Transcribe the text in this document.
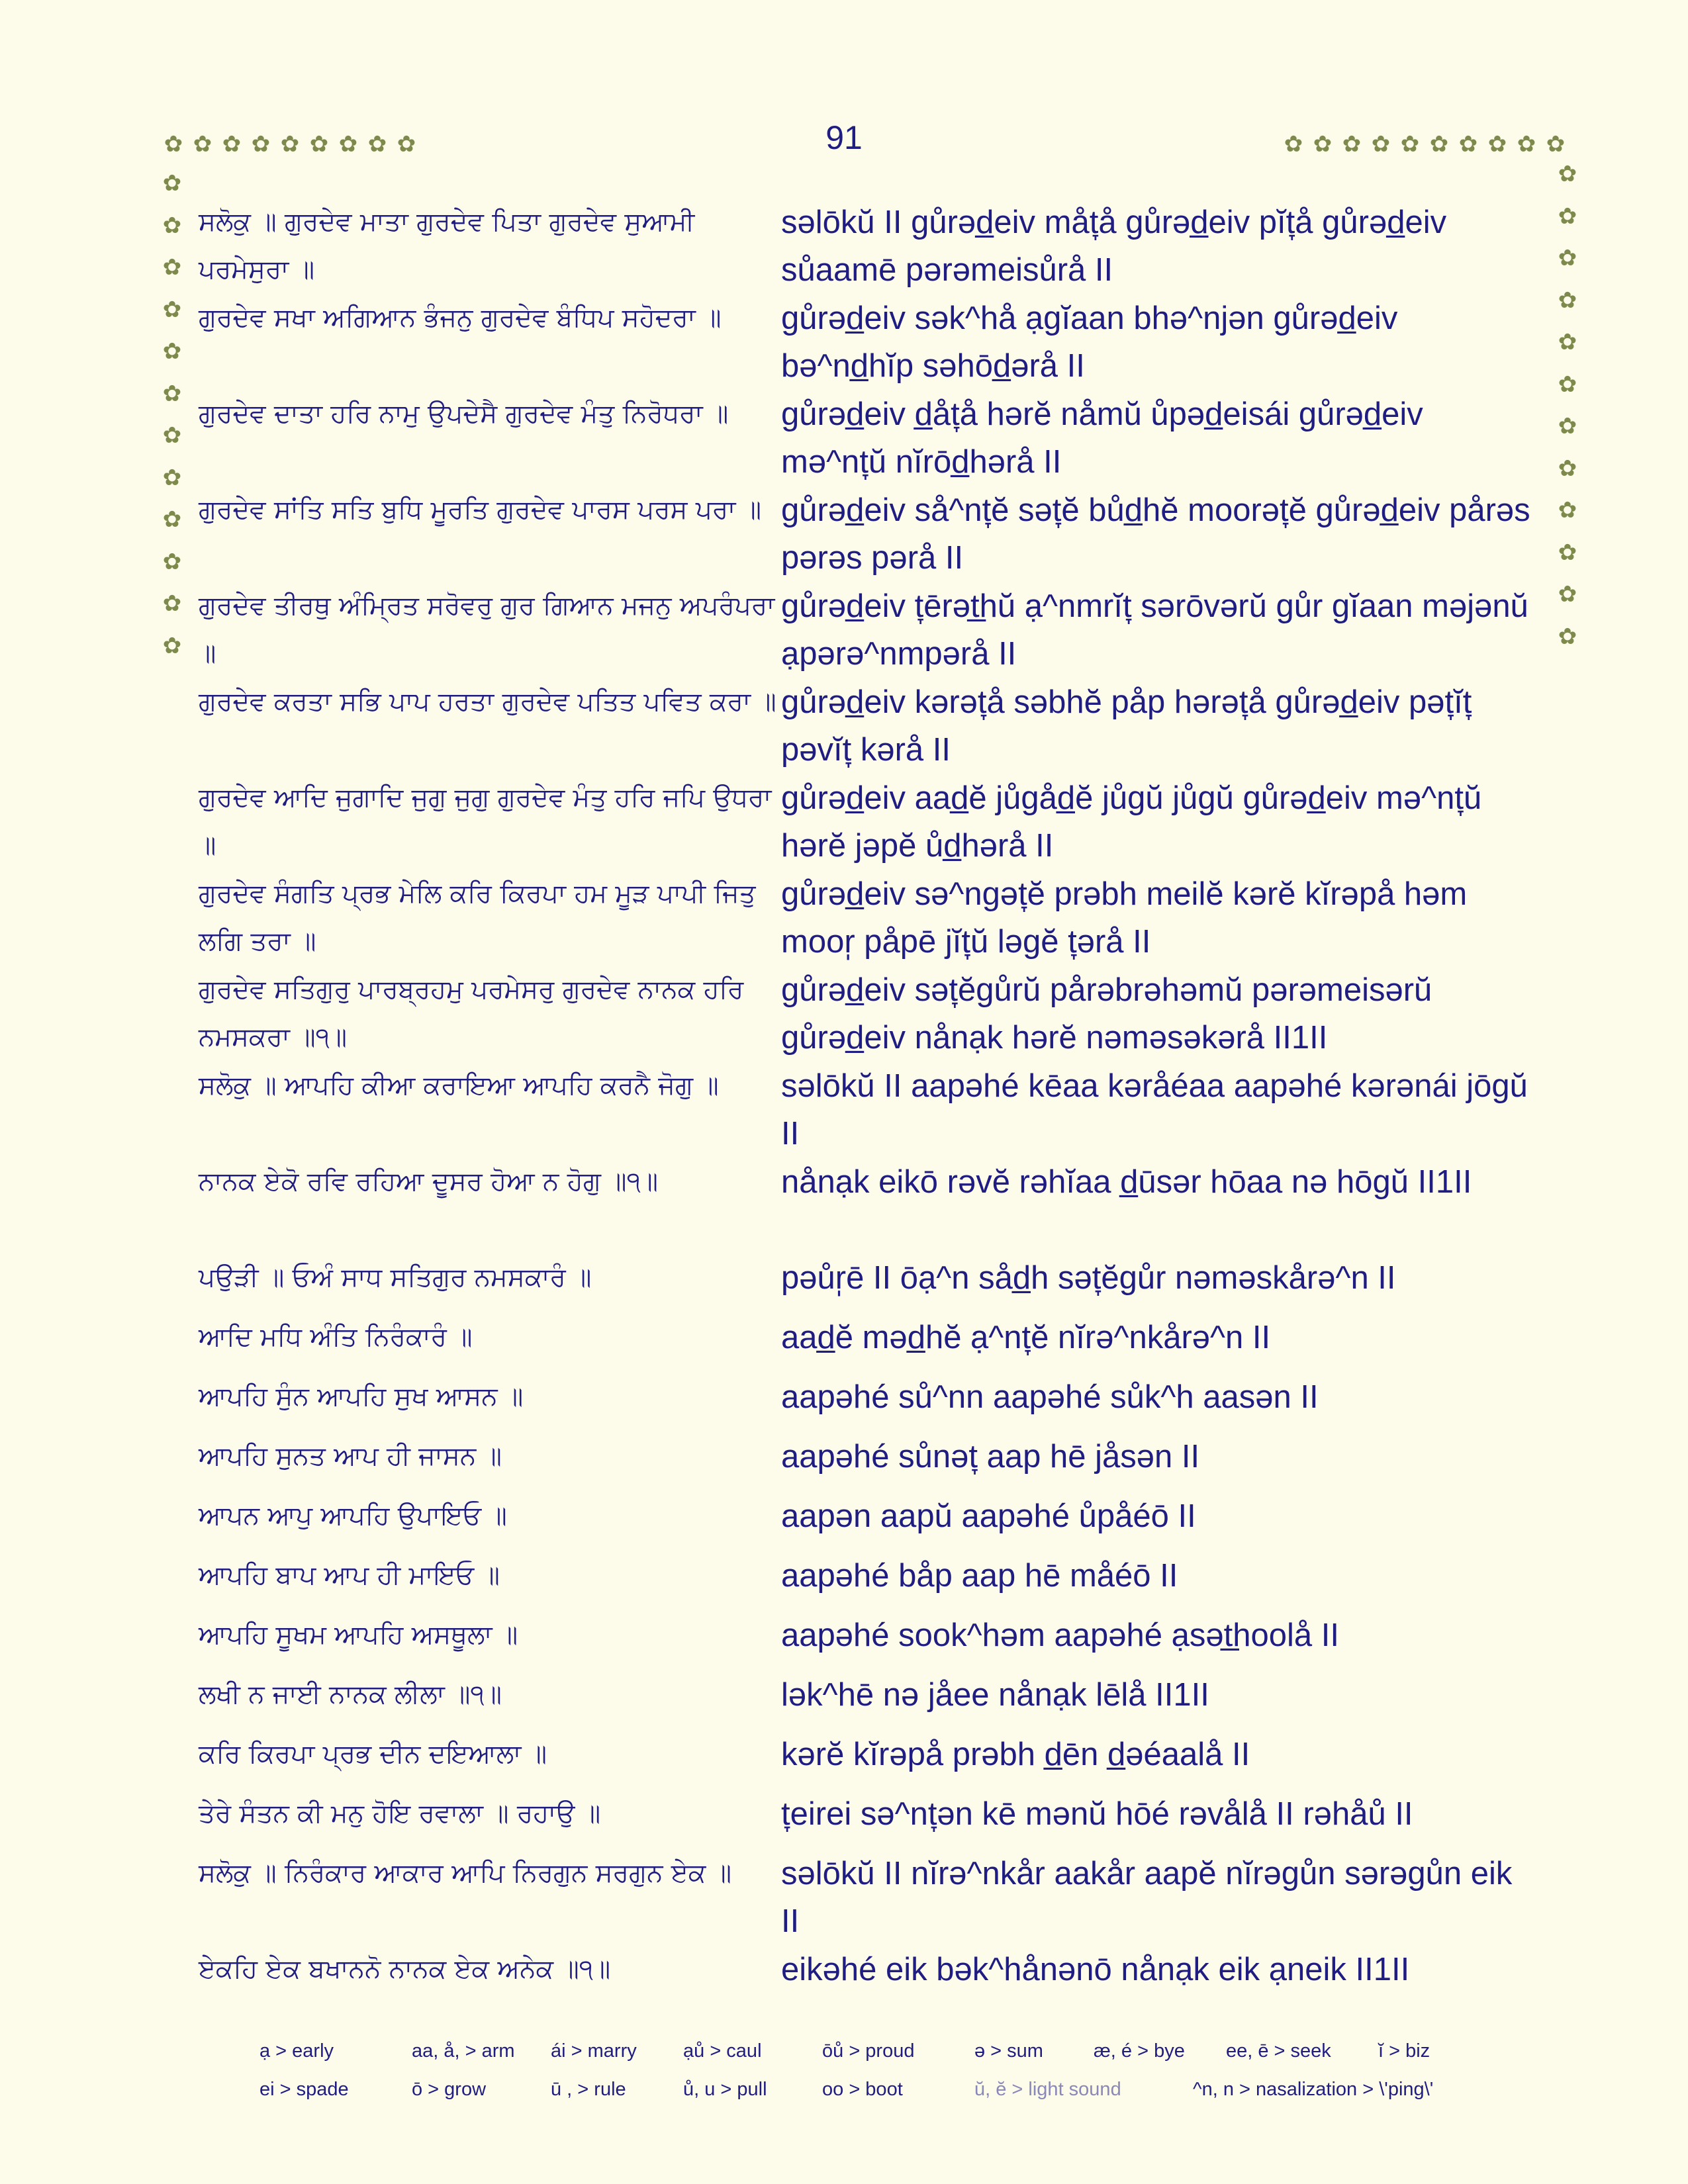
91
✿ ✿ ✿ ✿ ✿ ✿ ✿ ✿ ✿	✿ ✿ ✿ ✿ ✿ ✿ ✿ ✿ ✿ ✿
✿
✿
✿
✿
✿
✿
✿
✿
✿
✿
✿
✿
✿
✿
✿
✿
✿
✿
✿
✿
✿
✿
✿
✿
ਸਲੋਕੁ ॥ ਗੁਰਦੇਵ ਮਾਤਾ ਗੁਰਦੇਵ ਪਿਤਾ ਗੁਰਦੇਵ ਸੁਆਮੀ ਪਰਮੇਸੁਰਾ ॥
səlōkŭ II gůrəd̲eiv måt̞å gůrəd̲eiv pĭt̞å gůrəd̲eiv sůaamē pərəmeisůrå II
ਗੁਰਦੇਵ ਸਖਾ ਅਗਿਆਨ ਭੰਜਨੁ ਗੁਰਦੇਵ ਬੰਧਿਪ ਸਹੋਦਰਾ ॥	gůrəd̲eiv sək^hå ạgĭaan bhə^njən gůrəd̲eiv bə^nd̲hĭp səhōd̲ərå II
ਗੁਰਦੇਵ ਦਾਤਾ ਹਰਿ ਨਾਮੁ ਉਪਦੇਸੈ ਗੁਰਦੇਵ ਮੰਤੁ ਨਿਰੋਧਰਾ ॥	gůrəd̲eiv d̲åt̞å hərĕ nåmŭ ůpəd̲eisái gůrəd̲eiv mə^nt̞ŭ nĭrōd̲hərå II
ਗੁਰਦੇਵ ਸਾਂਤਿ ਸਤਿ ਬੁਧਿ ਮੂਰਤਿ ਗੁਰਦੇਵ ਪਾਰਸ ਪਰਸ ਪਰਾ ॥ gůrəd̲eiv så^nt̞ĕ sət̞ĕ bůd̲hĕ moorət̞ĕ gůrəd̲eiv pårəs pərəs pərå II
ਗੁਰਦੇਵ ਤੀਰਥੁ ਅੰਮ੍ਰਿਤ ਸਰੋਵਰੁ ਗੁਰ ਗਿਆਨ ਮਜਨੁ ਅਪਰੰਪਰਾ ॥
gůrəd̲eiv t̞ērət̲hŭ ạ^nmrĭt̞ sərōvərŭ gůr gĭaan məjənŭ ạpərə^nmpərå II
ਗੁਰਦੇਵ ਕਰਤਾ ਸਭਿ ਪਾਪ ਹਰਤਾ ਗੁਰਦੇਵ ਪਤਿਤ ਪਵਿਤ ਕਰਾ ॥ gůrəd̲eiv kərət̞å səbhĕ påp hərət̞å gůrəd̲eiv pət̞ĭt̞ pəvĭt̞ kərå II
ਗੁਰਦੇਵ ਆਦਿ ਜੁਗਾਦਿ ਜੁਗੁ ਜੁਗੁ ਗੁਰਦੇਵ ਮੰਤੁ ਹਰਿ ਜਪਿ ਉਧਰਾ ॥
gůrəd̲eiv aad̲ĕ jůgåd̲ĕ jůgŭ jůgŭ gůrəd̲eiv mə^nt̞ŭ hərĕ jəpĕ ůd̲hərå II
ਗੁਰਦੇਵ ਸੰਗਤਿ ਪ੍ਰਭ ਮੇਲਿ ਕਰਿ ਕਿਰਪਾ ਹਮ ਮੂੜ ਪਾਪੀ ਜਿਤੁ ਲਗਿ ਤਰਾ ॥
gůrəd̲eiv sə^ngət̞ĕ prəbh meilĕ kərĕ kĭrəpå həm moor̩ påpē jĭt̞ŭ ləgĕ t̞ərå II
ਗੁਰਦੇਵ ਸਤਿਗੁਰੁ ਪਾਰਬ੍ਰਹਮੁ ਪਰਮੇਸਰੁ ਗੁਰਦੇਵ ਨਾਨਕ ਹਰਿ ਨਮਸਕਰਾ ॥੧॥
gůrəd̲eiv sət̞ĕgůrŭ pårəbrəhəmŭ pərəmeisərŭ gůrəd̲eiv nånạk hərĕ nəməsəkərå II1II
ਸਲੋਕੁ ॥ ਆਪਹਿ ਕੀਆ ਕਰਾਇਆ ਆਪਹਿ ਕਰਨੈ ਜੋਗੁ ॥	səlōkŭ II aapəhé kēaa kəråéaa aapəhé kərənái jōgŭ II
ਨਾਨਕ ਏਕੋ ਰਵਿ ਰਹਿਆ ਦੂਸਰ ਹੋਆ ਨ ਹੋਗੁ ॥੧॥	nånạk eikō rəvĕ rəhĭaa d̲ūsər hōaa nə hōgŭ II1II
ਪਉੜੀ ॥ ਓਅੰ ਸਾਧ ਸਤਿਗੁਰ ਨਮਸਕਾਰੰ ॥	pəůr̩ē II ōạ^n såd̲h sət̞ĕgůr nəməskårə^n II
ਆਦਿ ਮਧਿ ਅੰਤਿ ਨਿਰੰਕਾਰੰ ॥	aad̲ĕ məd̲hĕ ạ^nt̞ĕ nĭrə^nkårə^n II
ਆਪਹਿ ਸੁੰਨ ਆਪਹਿ ਸੁਖ ਆਸਨ ॥	aapəhé sů^nn aapəhé sůk^h aasən II
ਆਪਹਿ ਸੁਨਤ ਆਪ ਹੀ ਜਾਸਨ ॥	aapəhé sůnət̞ aap hē jåsən II
ਆਪਨ ਆਪੁ ਆਪਹਿ ਉਪਾਇਓ ॥	aapən aapŭ aapəhé ůpåéō II
ਆਪਹਿ ਬਾਪ ਆਪ ਹੀ ਮਾਇਓ ॥	aapəhé båp aap hē måéō II
ਆਪਹਿ ਸੂਖਮ ਆਪਹਿ ਅਸਥੂਲਾ ॥	aapəhé sook^həm aapəhé ạsət̲hoolå II
ਲਖੀ ਨ ਜਾਈ ਨਾਨਕ ਲੀਲਾ ॥੧॥	lək^hē nə jåee nånạk lēlå II1II
ਕਰਿ ਕਿਰਪਾ ਪ੍ਰਭ ਦੀਨ ਦਇਆਲਾ ॥	kərĕ kĭrəpå prəbh d̲ēn d̲əéaalå II
ਤੇਰੇ ਸੰਤਨ ਕੀ ਮਨੁ ਹੋਇ ਰਵਾਲਾ ॥ ਰਹਾਉ ॥	t̞eirei sə^nt̞ən kē mənŭ hōé rəvålå II rəhåů II
ਸਲੋਕੁ ॥ ਨਿਰੰਕਾਰ ਆਕਾਰ ਆਪਿ ਨਿਰਗੁਨ ਸਰਗੁਨ ਏਕ ॥	səlōkŭ II nĭrə^nkår aakår aapĕ nĭrəgůn sərəgůn eik II
ਏਕਹਿ ਏਕ ਬਖਾਨਨੋ ਨਾਨਕ ਏਕ ਅਨੇਕ ॥੧॥	eikəhé eik bək^hånənō nånạk eik ạneik II1II
ạ > early	aa, å, > arm	ái > marry	ạů > caul	ōů > proud	ə > sum	æ, é > bye	ee, ē > seek	ĭ > biz
ei > spade	ō > grow	ū , > rule	ů, u > pull	oo > boot	ŭ, ĕ > light sound	^n, n > nasalization > \'ping\'
